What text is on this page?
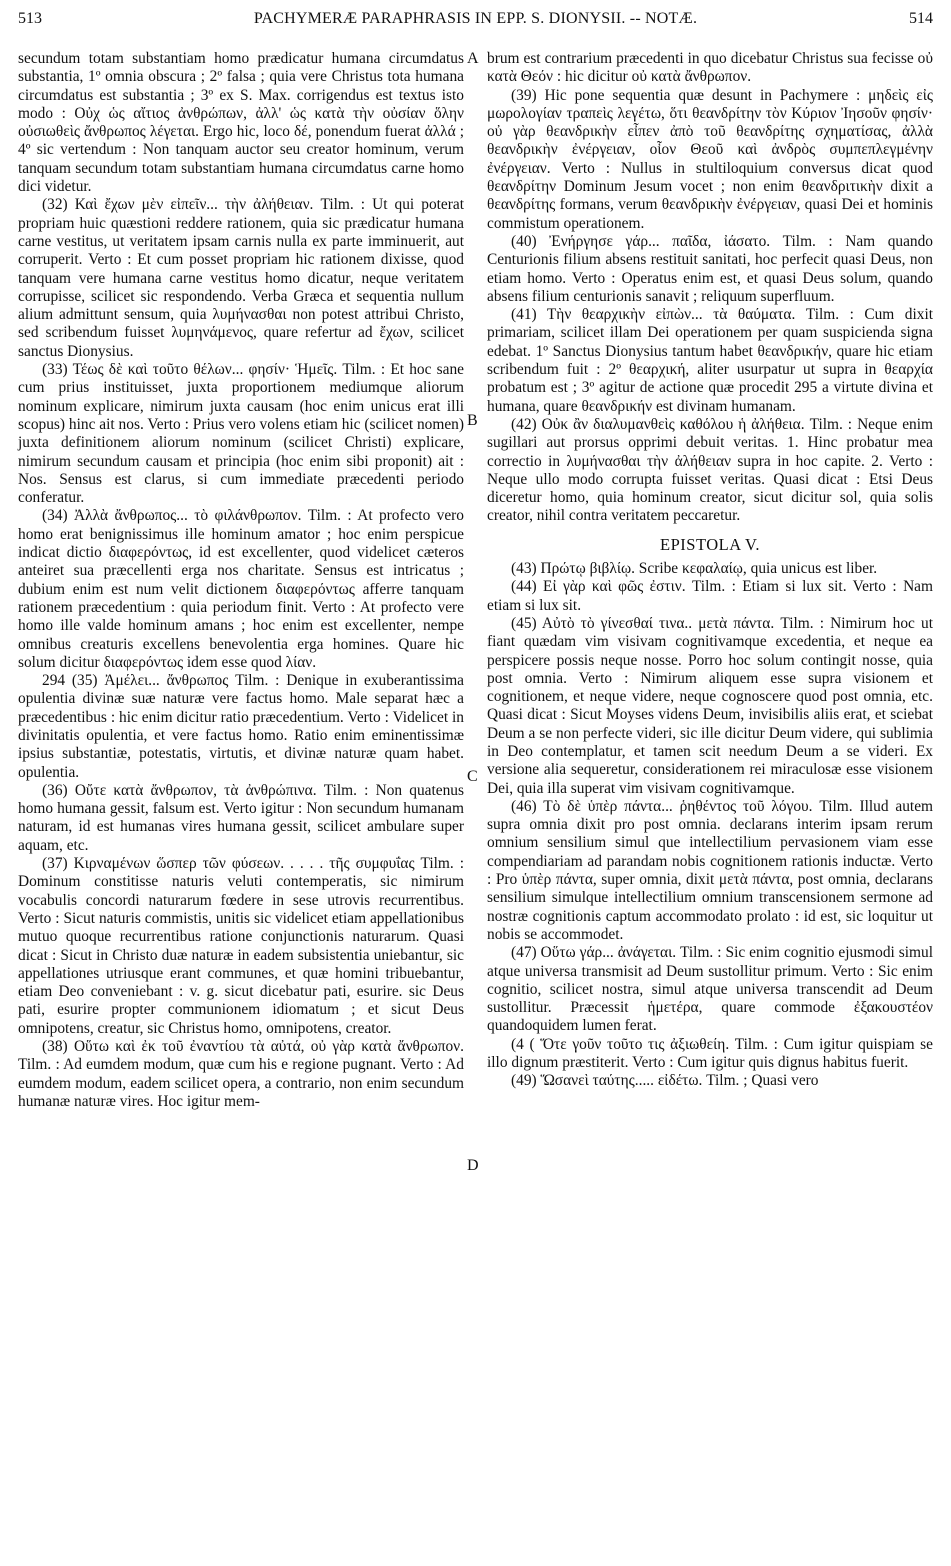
513	PACHYMERÆ PARAPHRASIS IN EPP. S. DIONYSII. -- NOTÆ.	514

secundum totam substantiam homo prædicatur humana circumdatus substantia, 1º omnia obscura ; 2º falsa ; quia vere Christus tota humana circumdatus est substantia ; 3º ex S. Max. corrigendus est textus isto modo : Οὐχ ὡς αἴτιος ἀνθρώπων, ἀλλ' ὡς κατὰ τὴν οὐσίαν ὅλην οὐσιωθεὶς ἄνθρωπος λέγεται. Ergo hic, loco δέ, ponendum fuerat ἀλλά ; 4º sic vertendum : Non tanquam auctor seu creator hominum, verum tanquam secundum totam substantiam humana circumdatus carne homo dici videtur.

(32) Καὶ ἔχων μὲν εἰπεῖν... τὴν ἀλήθειαν. Tilm. : Ut qui poterat propriam huic quæstioni reddere rationem, quia sic prædicatur humana carne vestitus, ut veritatem ipsam carnis nulla ex parte imminuerit, aut corruperit. Verto : Et cum posset propriam hic rationem dixisse, quod tanquam vere humana carne vestitus homo dicatur, neque veritatem corrupisse, scilicet sic respondendo. Verba Græca et sequentia nullum alium admittunt sensum, quia λυμήνασθαι non potest attribui Christo, sed scribendum fuisset λυμηνάμενος, quare refertur ad ἔχων, scilicet sanctus Dionysius.

(33) Τέως δὲ καὶ τοῦτο θέλων... φησίν· Ἡμεῖς. Tilm. : Et hoc sane cum prius instituisset, juxta proportionem mediumque aliorum nominum explicare, nimirum juxta causam (hoc enim unicus erat illi scopus) hinc ait nos. Verto : Prius vero volens etiam hic (scilicet nomen) juxta definitionem aliorum nominum (scilicet Christi) explicare, nimirum secundum causam et principia (hoc enim sibi proponit) ait : Nos. Sensus est clarus, si cum immediate præcedenti periodo conferatur.

(34) Ἀλλὰ ἄνθρωπος... τὸ φιλάνθρωπον. Tilm. : At profecto vero homo erat benignissimus ille hominum amator ; hoc enim perspicue indicat dictio διαφερόντως, id est excellenter, quod videlicet cæteros anteiret sua præcellenti erga nos charitate. Sensus est intricatus ; dubium enim est num velit dictionem διαφερόντως afferre tanquam rationem præcedentium : quia periodum finit. Verto : At profecto vere homo ille valde hominum amans ; hoc enim est excellenter, nempe omnibus creaturis excellens benevolentia erga homines. Quare hic solum dicitur διαφερόντως idem esse quod λίαν.

294 (35) Ἀμέλει... ἄνθρωπος Tilm. : Denique in exuberantissima opulentia divinæ suæ naturæ vere factus homo. Male separat hæc a præcedentibus : hic enim dicitur ratio præcedentium. Verto : Videlicet in divinitatis opulentia, et vere factus homo. Ratio enim eminentissimæ ipsius substantiæ, potestatis, virtutis, et divinæ naturæ quam habet. opulentia.

(36) Οὔτε κατὰ ἄνθρωπον, τὰ ἀνθρώπινα. Tilm. : Non quatenus homo humana gessit, falsum est. Verto igitur : Non secundum humanam naturam, id est humanas vires humana gessit, scilicet ambulare super aquam, etc.

(37) Κιρναμένων ὥσπερ τῶν φύσεων. . . . . τῆς συμφυΐας Tilm. : Dominum constitisse naturis veluti contemperatis, sic nimirum vocabulis concordi naturarum fœdere in sese utrovis recurrentibus. Verto : Sicut naturis commistis, unitis sic videlicet etiam appellationibus mutuo quoque recurrentibus ratione conjunctionis naturarum. Quasi dicat : Sicut in Christo duæ naturæ in eadem subsistentia uniebantur, sic appellationes utriusque erant communes, et quæ homini tribuebantur, etiam Deo conveniebant : v. g. sicut dicebatur pati, esurire. sic Deus pati, esurire propter communionem idiomatum ; et sicut Deus omnipotens, creatur, sic Christus homo, omnipotens, creator.

(38) Οὕτω καὶ ἐκ τοῦ ἐναντίου τὰ αὐτά, οὐ γὰρ κατὰ ἄνθρωπον. Tilm. : Ad eumdem modum, quæ cum his e regione pugnant. Verto : Ad eumdem modum, eadem scilicet opera, a contrario, non enim secundum humanæ naturæ vires. Hoc igitur mem-

brum est contrarium præcedenti in quo dicebatur Christus sua fecisse οὐ κατὰ Θεόν : hic dicitur οὐ κατὰ ἄνθρωπον.

(39) Hic pone sequentia quæ desunt in Pachymere : μηδεὶς εἰς μωρολογίαν τραπεὶς λεγέτω, ὅτι θεανδρίτην τὸν Κύριον Ἰησοῦν φησίν· οὐ γὰρ θεανδρικὴν εἶπεν ἀπὸ τοῦ θεανδρίτης σχηματίσας, ἀλλὰ θεανδρικὴν ἐνέργειαν, οἷον Θεοῦ καὶ ἀνδρὸς συμπεπλεγμένην ἐνέργειαν. Verto : Nullus in stultiloquium conversus dicat quod θεανδρίτην Dominum Jesum vocet ; non enim θεανδριτικὴν dixit a θεανδρίτης formans, verum θεανδρικὴν ἐνέργειαν, quasi Dei et hominis commistum operationem.

(40) Ἐνήργησε γάρ... παῖδα, ἰάσατο. Tilm. : Nam quando Centurionis filium absens restituit sanitati, hoc perfecit quasi Deus, non etiam homo. Verto : Operatus enim est, et quasi Deus solum, quando absens filium centurionis sanavit ; reliquum superfluum.

(41) Τὴν θεαρχικὴν εἰπὼν... τὰ θαύματα. Tilm. : Cum dixit primariam, scilicet illam Dei operationem per quam suspicienda signa edebat. 1º Sanctus Dionysius tantum habet θεανδρικήν, quare hic etiam scribendum fuit : 2º θεαρχική, aliter usurpatur ut supra in θεαρχία probatum est ; 3º agitur de actione quæ procedit 295 a virtute divina et humana, quare θεανδρικήν est divinam humanam.

(42) Οὐκ ἂν διαλυμανθεὶς καθόλου ἡ ἀλήθεια. Tilm. : Neque enim sugillari aut prorsus opprimi debuit veritas. 1. Hinc probatur mea correctio in λυμήνασθαι τὴν ἀλήθειαν supra in hoc capite. 2. Verto : Neque ullo modo corrupta fuisset veritas. Quasi dicat : Etsi Deus diceretur homo, quia hominum creator, sicut dicitur sol, quia solis creator, nihil contra veritatem peccaretur.

EPISTOLA V.

(43) Πρώτῳ βιβλίῳ. Scribe κεφαλαίῳ, quia unicus est liber.

(44) Εἰ γὰρ καὶ φῶς ἐστιν. Tilm. : Etiam si lux sit. Verto : Nam etiam si lux sit.

(45) Αὐτὸ τὸ γίνεσθαί τινα.. μετὰ πάντα. Tilm. : Nimirum hoc ut fiant quædam vim visivam cognitivamque excedentia, et neque ea perspicere possis neque nosse. Porro hoc solum contingit nosse, quia post omnia. Verto : Nimirum aliquem esse supra visionem et cognitionem, et neque videre, neque cognoscere quod post omnia, etc. Quasi dicat : Sicut Moyses videns Deum, invisibilis aliis erat, et sciebat Deum a se non perfecte videri, sic ille dicitur Deum videre, qui sublimia in Deo contemplatur, et tamen scit needum Deum a se videri. Ex versione alia sequeretur, considerationem rei miraculosæ esse visionem Dei, quia illa superat vim visivam cognitivamque.

(46) Τὸ δὲ ὑπὲρ πάντα... ῥηθέντος τοῦ λόγου. Tilm. Illud autem supra omnia dixit pro post omnia. declarans interim ipsam rerum omnium sensilium simul que intellectilium pervasionem viam esse compendiariam ad parandam nobis cognitionem rationis inductæ. Verto : Pro ὑπὲρ πάντα, super omnia, dixit μετὰ πάντα, post omnia, declarans sensilium simulque intellectilium omnium transcensionem sermone ad nostræ cognitionis captum accommodato prolato : id est, sic loquitur ut nobis se accommodet.

(47) Οὕτω γάρ... ἀνάγεται. Tilm. : Sic enim cognitio ejusmodi simul atque universa transmisit ad Deum sustollitur primum. Verto : Sic enim cognitio, scilicet nostra, simul atque universa transcendit ad Deum sustollitur. Præcessit ἡμετέρα, quare commode ἐξακουστέον quandoquidem lumen ferat.

(4 ( Ὅτε γοῦν τοῦτο τις ἀξιωθείη. Tilm. : Cum igitur quispiam se illo dignum præstiterit. Verto : Cum igitur quis dignus habitus fuerit.

(49) Ὥσανεὶ ταύτης..... εἰδέτω. Tilm. ; Quasi vero

A
B
C
D
